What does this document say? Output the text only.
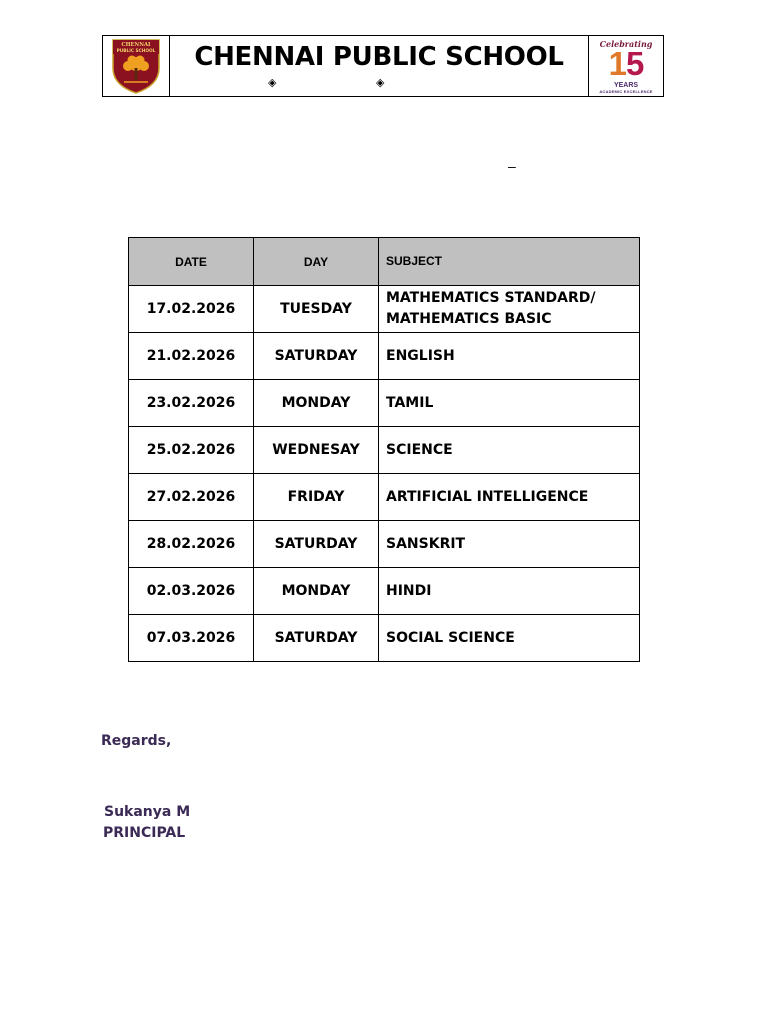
CHENNAI
PUBLIC SCHOOL	CHENNAI PUBLIC SCHOOL
◈	◈
Celebrating
15
YEARS
ACADEMIC EXCELLENCE
–
DATE	DAY	SUBJECT
17.02.2026	TUESDAY	MATHEMATICS STANDARD/
MATHEMATICS BASIC
21.02.2026	SATURDAY	ENGLISH
23.02.2026	MONDAY	TAMIL
25.02.2026	WEDNESAY	SCIENCE
27.02.2026	FRIDAY	ARTIFICIAL INTELLIGENCE
28.02.2026	SATURDAY	SANSKRIT
02.03.2026	MONDAY	HINDI
07.03.2026	SATURDAY	SOCIAL SCIENCE
Regards,
Sukanya M
PRINCIPAL
